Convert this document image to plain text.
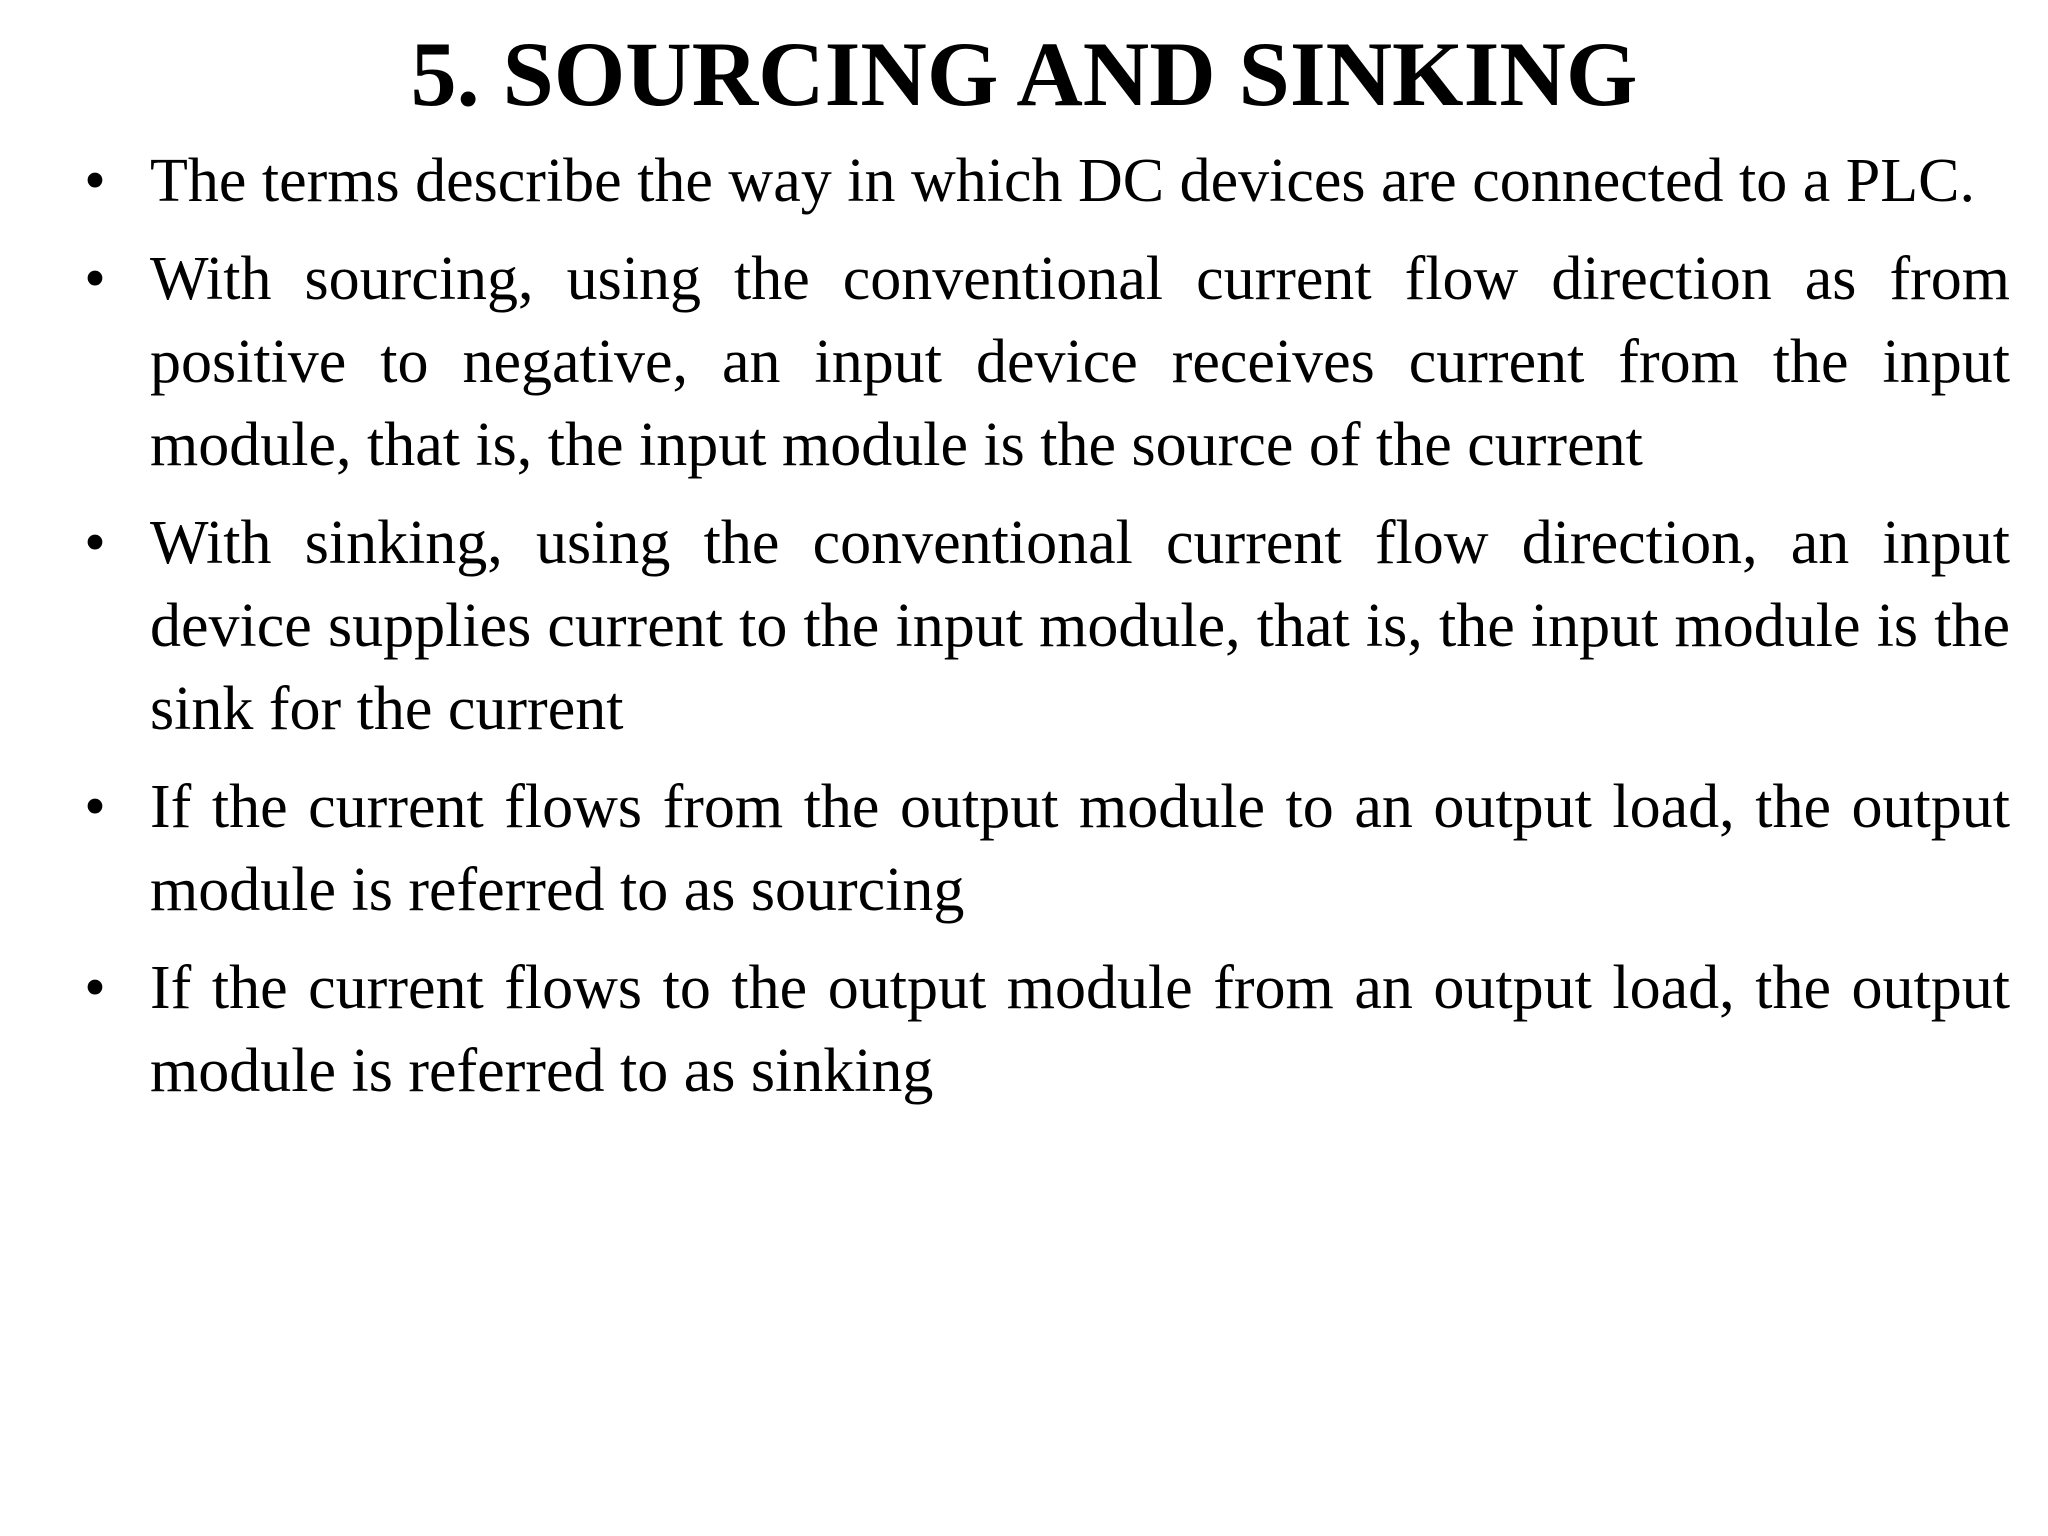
5. SOURCING AND SINKING
• The terms describe the way in which DC devices are connected to a PLC.
• With sourcing, using the conventional current flow direction as from positive to negative, an input device receives current from the input module, that is, the input module is the source of the current
• With sinking, using the conventional current flow direction, an input device supplies current to the input module, that is, the input module is the sink for the current
• If the current flows from the output module to an output load, the output module is referred to as sourcing
• If the current flows to the output module from an output load, the output module is referred to as sinking
